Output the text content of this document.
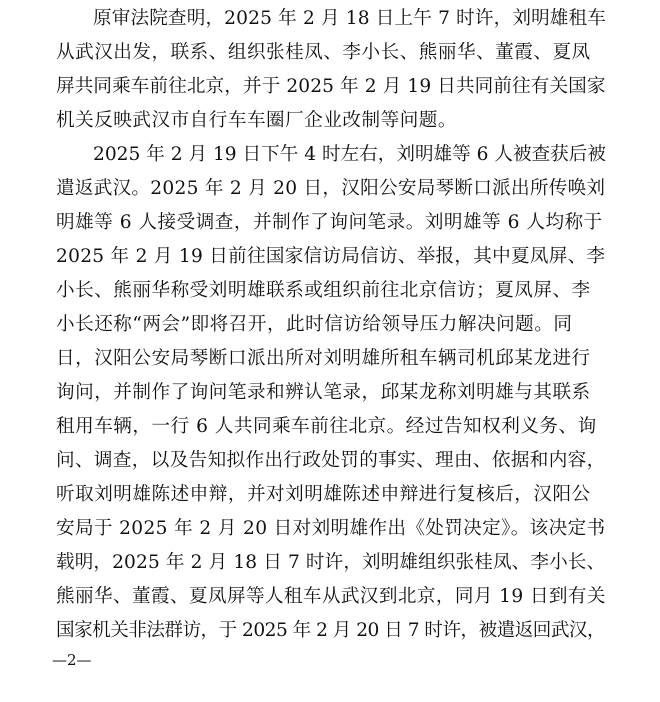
原审法院查明，2025 年 2 月 18 日上午 7 时许，刘明雄租车
从武汉出发，联系、组织张桂凤、李小长、熊丽华、董霞、夏凤
屏共同乘车前往北京，并于 2025 年 2 月 19 日共同前往有关国家
机关反映武汉市自行车车圈厂企业改制等问题。
2025 年 2 月 19 日下午 4 时左右，刘明雄等 6 人被查获后被
遣返武汉。2025 年 2 月 20 日，汉阳公安局琴断口派出所传唤刘
明雄等 6 人接受调查，并制作了询问笔录。刘明雄等 6 人均称于
2025 年 2 月 19 日前往国家信访局信访、举报，其中夏凤屏、李
小长、熊丽华称受刘明雄联系或组织前往北京信访；夏凤屏、李
小长还称“两会”即将召开，此时信访给领导压力解决问题。同
日，汉阳公安局琴断口派出所对刘明雄所租车辆司机邱某龙进行
询问，并制作了询问笔录和辨认笔录，邱某龙称刘明雄与其联系
租用车辆，一行 6 人共同乘车前往北京。经过告知权利义务、询
问、调查，以及告知拟作出行政处罚的事实、理由、依据和内容，
听取刘明雄陈述申辩，并对刘明雄陈述申辩进行复核后，汉阳公
安局于 2025 年 2 月 20 日对刘明雄作出《处罚决定》。该决定书
载明，2025 年 2 月 18 日 7 时许，刘明雄组织张桂凤、李小长、
熊丽华、董霞、夏凤屏等人租车从武汉到北京，同月 19 日到有关
国家机关非法群访，于 2025 年 2 月 20 日 7 时许，被遣返回武汉，
—2—
